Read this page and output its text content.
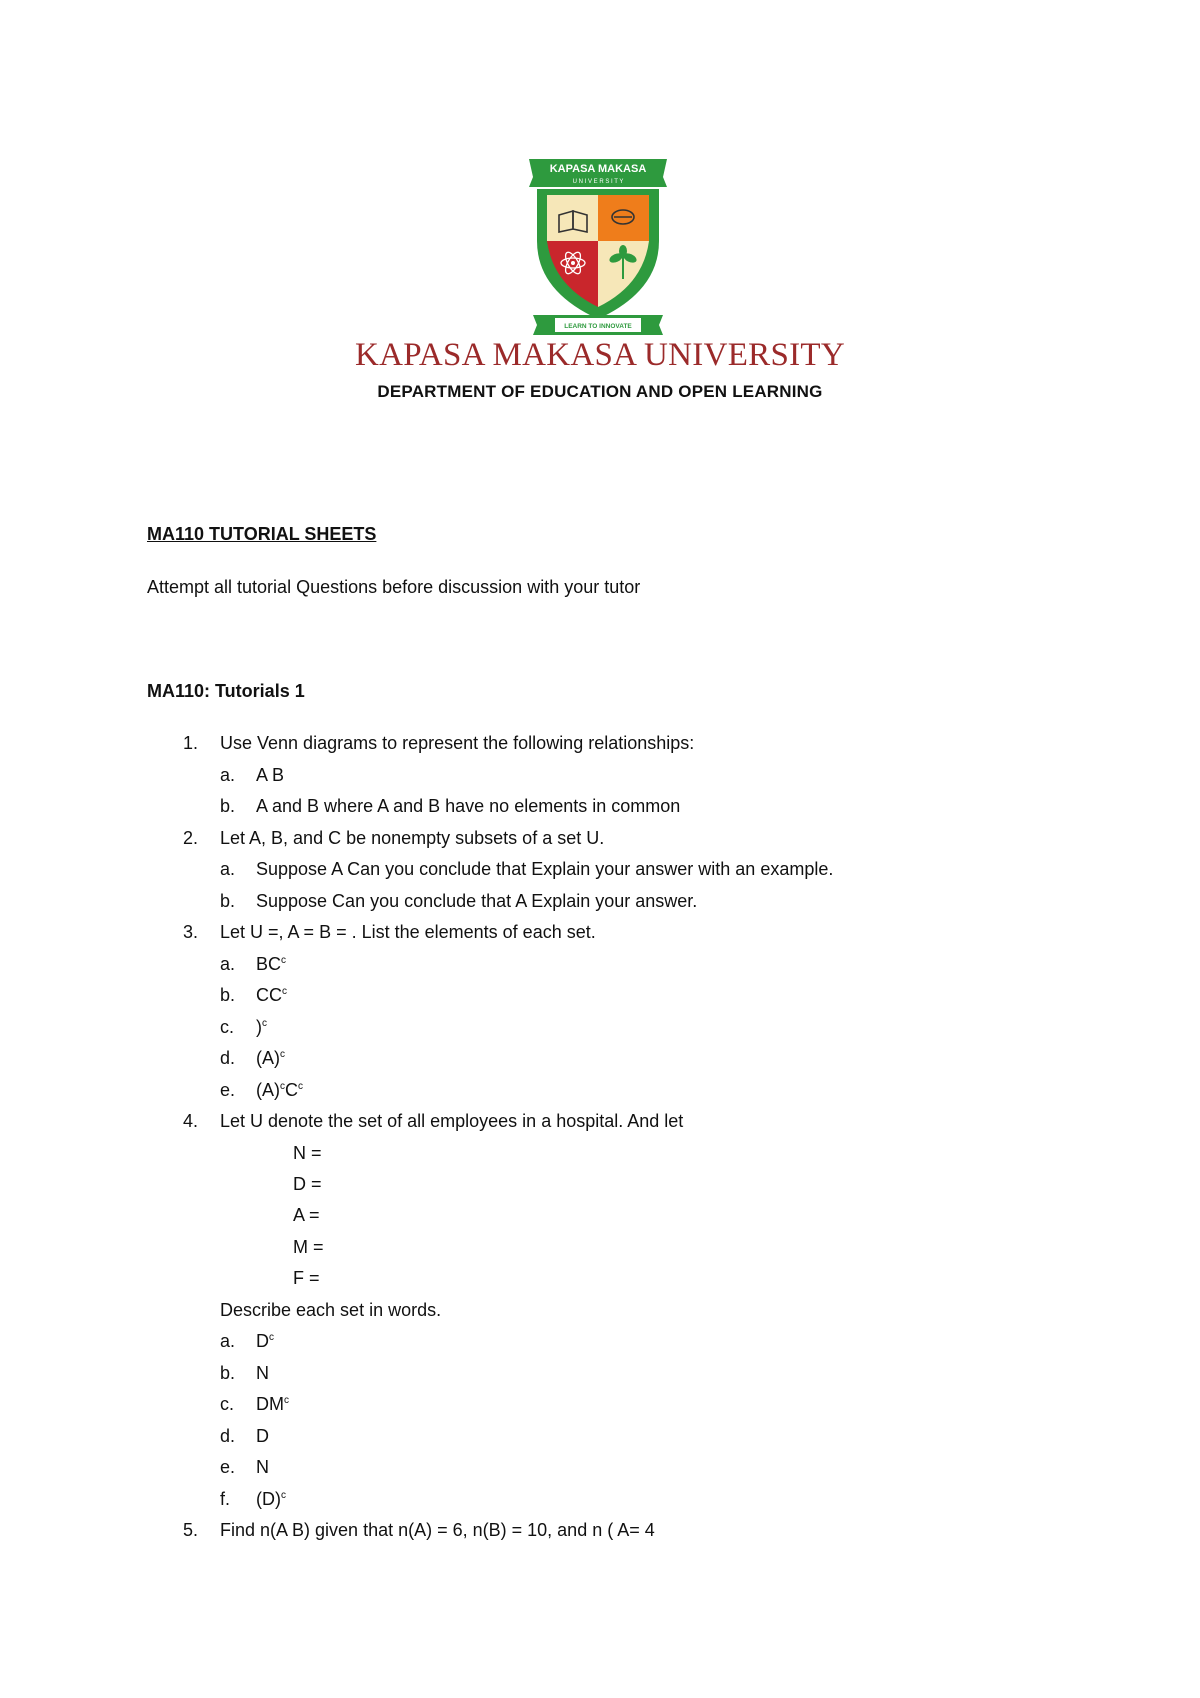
KAPASA MAKASA
U N I V E R S I T Y
LEARN TO INNOVATE
KAPASA MAKASA UNIVERSITY
DEPARTMENT OF EDUCATION AND OPEN LEARNING
MA110 TUTORIAL SHEETS
Attempt all tutorial Questions before discussion with your tutor
MA110: Tutorials 1
1. Use Venn diagrams to represent the following relationships:
a. A B
b. A and B where A and B have no elements in common
2. Let A, B, and C be nonempty subsets of a set U.
a. Suppose A Can you conclude that Explain your answer with an example.
b. Suppose Can you conclude that A Explain your answer.
3. Let U =, A = B = . List the elements of each set.
a. $BC^c$
b. $CC^c$
c. )$^c$
d. $(A)^c$
e. $(A)^cC^c$
4. Let U denote the set of all employees in a hospital. And let
N =
D =
A =
M =
F =
Describe each set in words.
a. $D^c$
b. N
c. $DM^c$
d. D
e. N
f. $(D)^c$
5. Find n(A B) given that n(A) = 6, n(B) = 10, and n ( A= 4
